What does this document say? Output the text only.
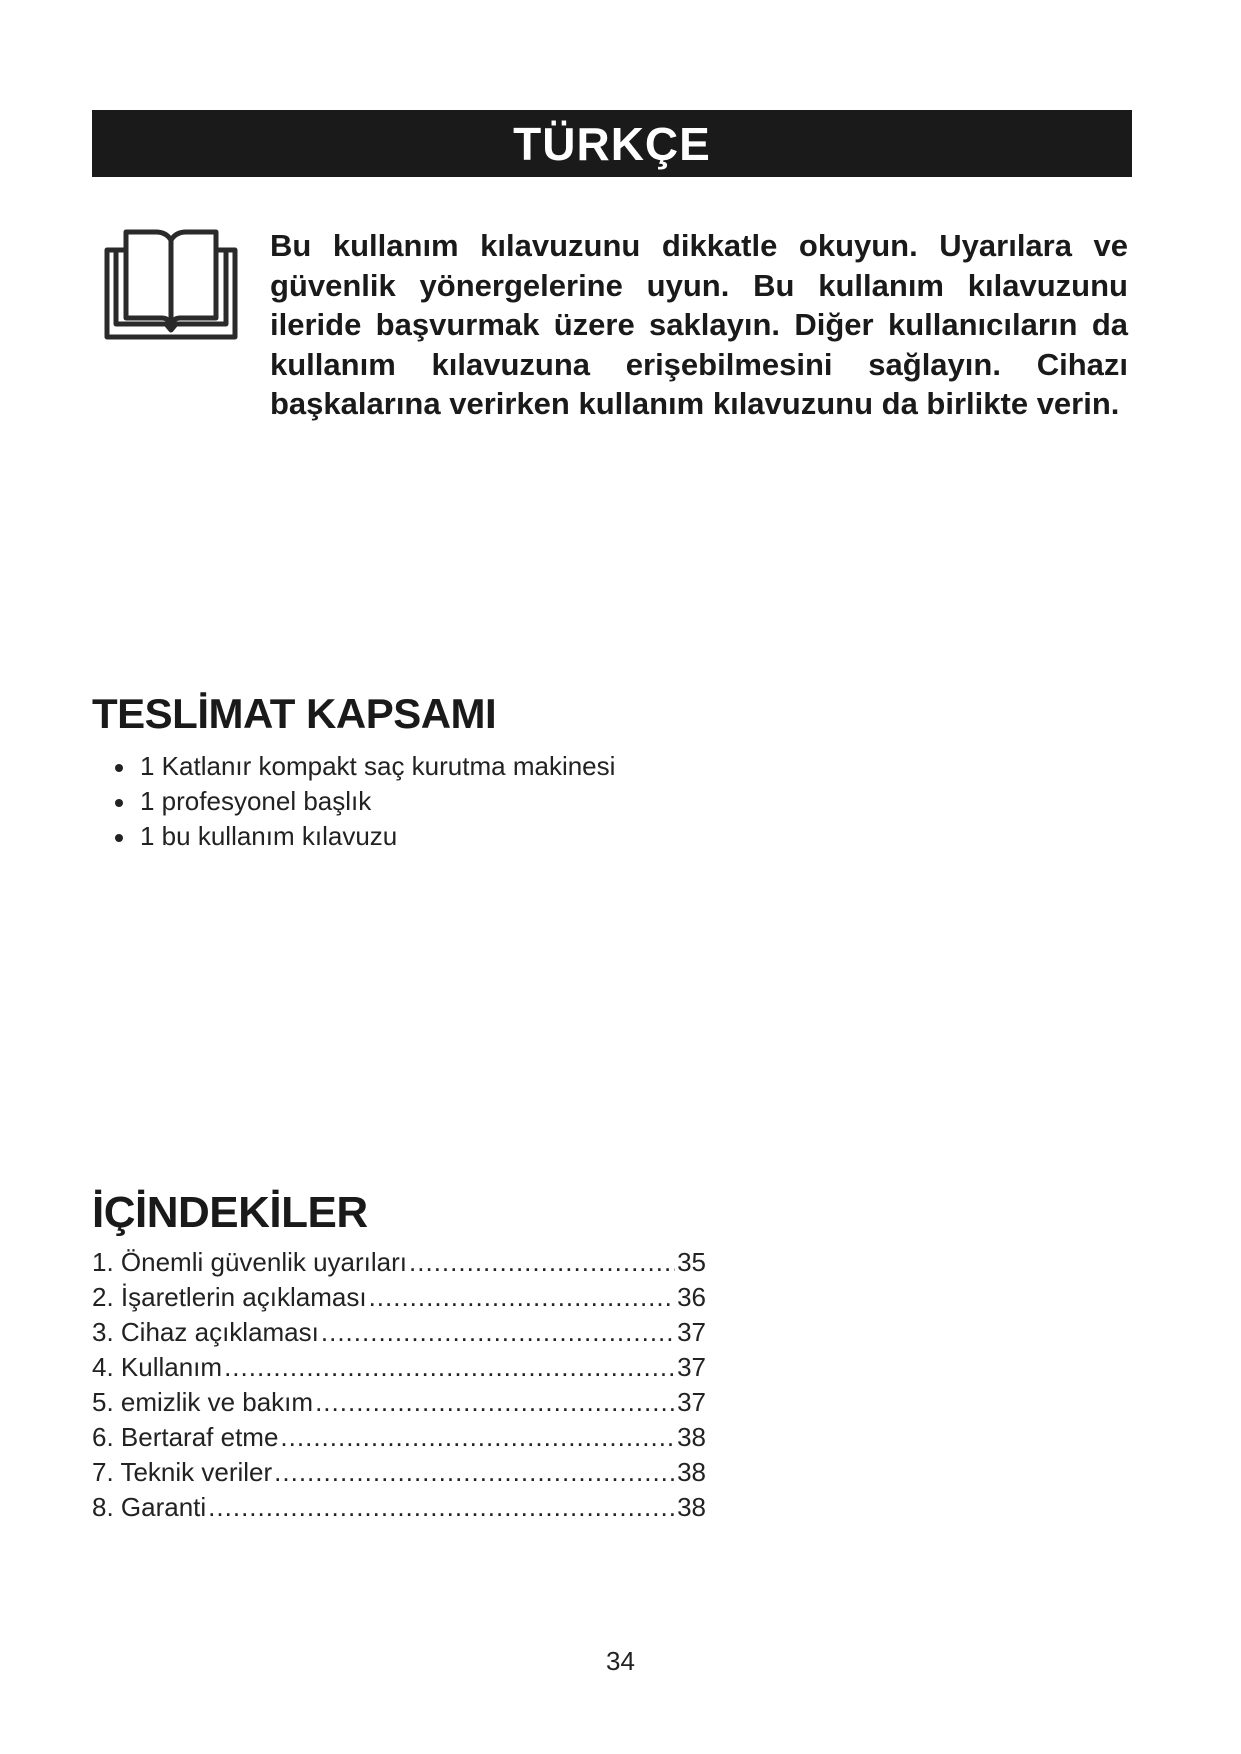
TÜRKÇE
Bu kullanım kılavuzunu dikkatle okuyun. Uyarılara ve güvenlik yönergelerine uyun. Bu kullanım kılavuzunu ileride başvurmak üzere saklayın. Diğer kullanıcıların da kullanım kılavuzuna erişebilmesini sağlayın. Cihazı başkalarına verirken kullanım kılavuzunu da birlikte verin.
TESLİMAT KAPSAMI
1 Katlanır kompakt saç kurutma makinesi
1 profesyonel başlık
1 bu kullanım kılavuzu
İÇİNDEKİLER
1. Önemli güvenlik uyarıları .....	35
2. İşaretlerin açıklaması .....	36
3. Cihaz açıklaması .....	37
4. Kullanım .....	37
5. emizlik ve bakım .....	37
6. Bertaraf etme .....	38
7. Teknik veriler .....	38
8. Garanti .....	38
34
